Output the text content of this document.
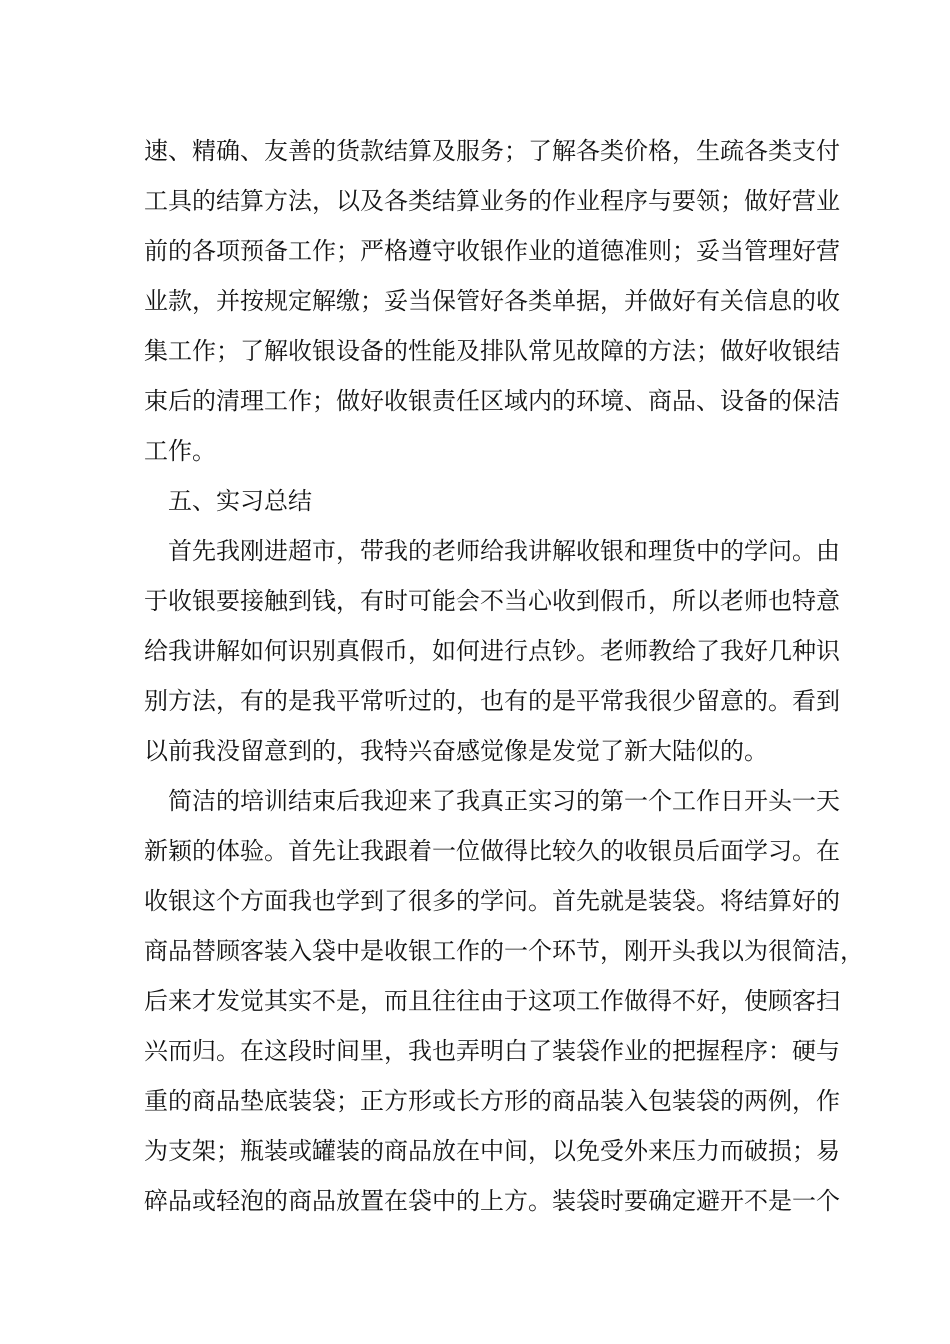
速、精确、友善的货款结算及服务；了解各类价格，生疏各类支付
工具的结算方法，以及各类结算业务的作业程序与要领；做好营业
前的各项预备工作；严格遵守收银作业的道德准则；妥当管理好营
业款，并按规定解缴；妥当保管好各类单据，并做好有关信息的收
集工作；了解收银设备的性能及排队常见故障的方法；做好收银结
束后的清理工作；做好收银责任区域内的环境、商品、设备的保洁
工作。
五、实习总结
首先我刚进超市，带我的老师给我讲解收银和理货中的学问。由
于收银要接触到钱，有时可能会不当心收到假币，所以老师也特意
给我讲解如何识别真假币，如何进行点钞。老师教给了我好几种识
别方法，有的是我平常听过的，也有的是平常我很少留意的。看到
以前我没留意到的，我特兴奋感觉像是发觉了新大陆似的。
简洁的培训结束后我迎来了我真正实习的第一个工作日开头一天
新颖的体验。首先让我跟着一位做得比较久的收银员后面学习。在
收银这个方面我也学到了很多的学问。首先就是装袋。将结算好的
商品替顾客装入袋中是收银工作的一个环节，刚开头我以为很简洁，
后来才发觉其实不是，而且往往由于这项工作做得不好，使顾客扫
兴而归。在这段时间里，我也弄明白了装袋作业的把握程序：硬与
重的商品垫底装袋；正方形或长方形的商品装入包装袋的两例，作
为支架；瓶装或罐装的商品放在中间，以免受外来压力而破损；易
碎品或轻泡的商品放置在袋中的上方。装袋时要确定避开不是一个
